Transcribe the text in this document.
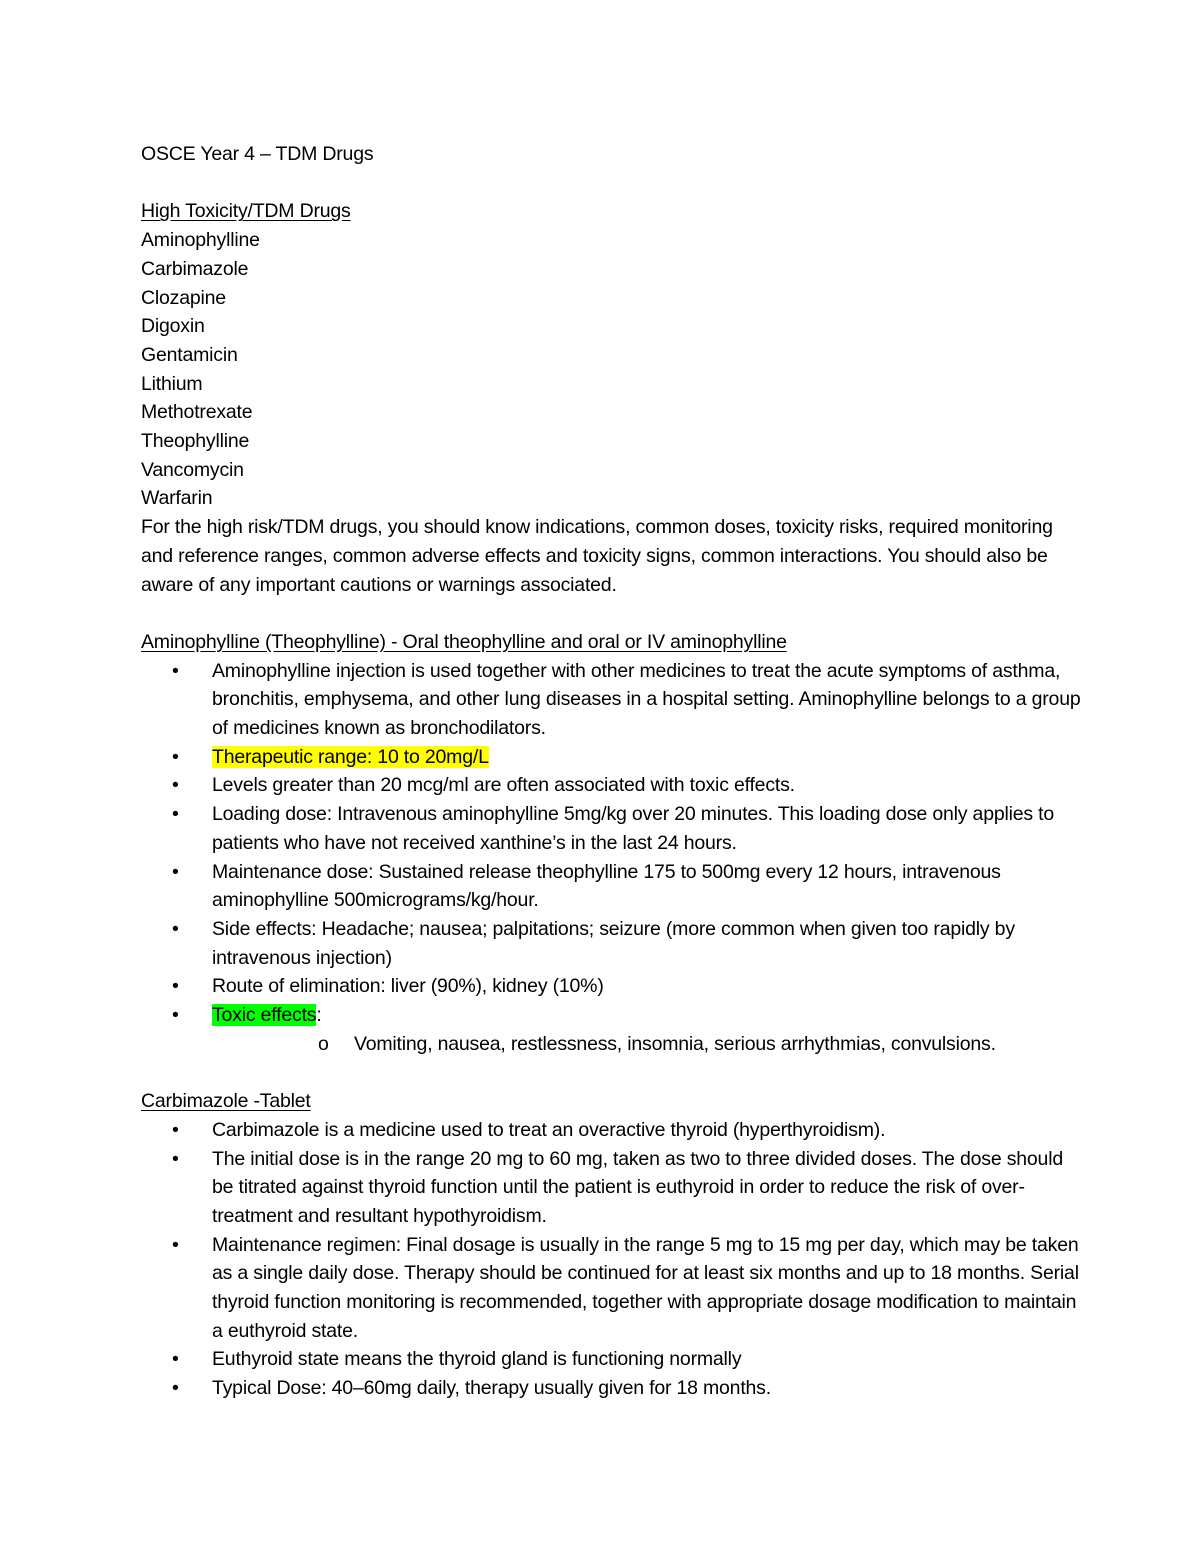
OSCE Year 4 – TDM Drugs
High Toxicity/TDM Drugs
Aminophylline
Carbimazole
Clozapine
Digoxin
Gentamicin
Lithium
Methotrexate
Theophylline
Vancomycin
Warfarin
For the high risk/TDM drugs, you should know indications, common doses, toxicity risks, required monitoring and reference ranges, common adverse effects and toxicity signs, common interactions. You should also be aware of any important cautions or warnings associated.
Aminophylline (Theophylline) - Oral theophylline and oral or IV aminophylline
• Aminophylline injection is used together with other medicines to treat the acute symptoms of asthma, bronchitis, emphysema, and other lung diseases in a hospital setting. Aminophylline belongs to a group of medicines known as bronchodilators.
• Therapeutic range: 10 to 20mg/L
• Levels greater than 20 mcg/ml are often associated with toxic effects.
• Loading dose: Intravenous aminophylline 5mg/kg over 20 minutes. This loading dose only applies to patients who have not received xanthine’s in the last 24 hours.
• Maintenance dose: Sustained release theophylline 175 to 500mg every 12 hours, intravenous aminophylline 500micrograms/kg/hour.
• Side effects: Headache; nausea; palpitations; seizure (more common when given too rapidly by intravenous injection)
• Route of elimination: liver (90%), kidney (10%)
• Toxic effects:
o Vomiting, nausea, restlessness, insomnia, serious arrhythmias, convulsions.
Carbimazole -Tablet
• Carbimazole is a medicine used to treat an overactive thyroid (hyperthyroidism).
• The initial dose is in the range 20 mg to 60 mg, taken as two to three divided doses. The dose should be titrated against thyroid function until the patient is euthyroid in order to reduce the risk of over-treatment and resultant hypothyroidism.
• Maintenance regimen: Final dosage is usually in the range 5 mg to 15 mg per day, which may be taken as a single daily dose. Therapy should be continued for at least six months and up to 18 months. Serial thyroid function monitoring is recommended, together with appropriate dosage modification to maintain a euthyroid state.
• Euthyroid state means the thyroid gland is functioning normally
• Typical Dose: 40–60mg daily, therapy usually given for 18 months.
